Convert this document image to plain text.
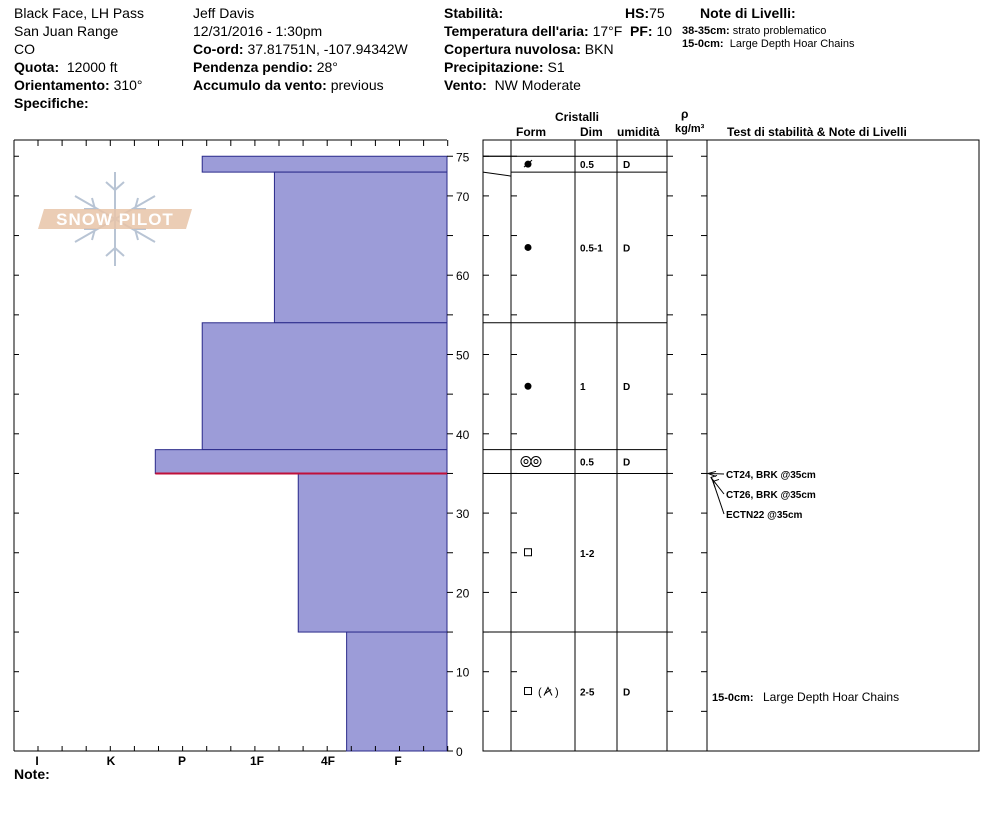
Black Face, LH Pass
San Juan Range
CO
Quota: 12000 ft
Orientamento: 310°
Specifiche:
Jeff Davis
12/31/2016 - 1:30pm
Co-ord: 37.81751N, -107.94342W
Pendenza pendio: 28°
Accumulo da vento: previous
Stabilità:
Temperatura dell'aria: 17°F
Copertura nuvolosa: BKN
Precipitazione: S1
Vento: NW Moderate
HS:75
PF: 10
Note di Livelli:
38-35cm: strato problematico
15-0cm: Large Depth Hoar Chains
Cristalli
Form	Dim umidità
ρ
kg/m³ Test di stabilità & Note di Livelli
Note:
SNOW PILOT
0
10
20
30
40
50
60
70
75
I	K	P	1F	4F	F
0.5	D
0.5-1 D
1	D
0.5	D
1-2
( ) 2-5	D
CT24, BRK @35cm
CT26, BRK @35cm
ECTN22 @35cm
15-0cm: Large Depth Hoar Chains
